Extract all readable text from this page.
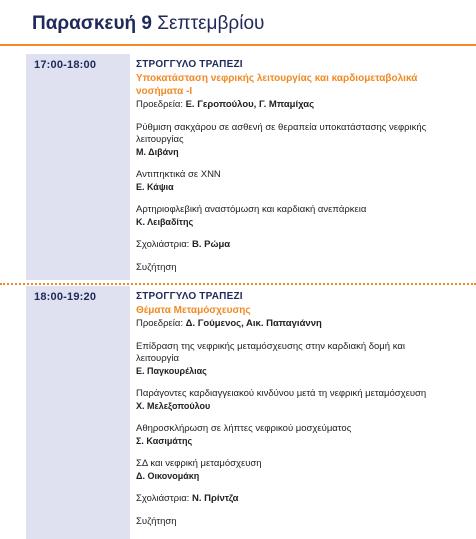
Παρασκευή 9 Σεπτεμβρίου
17:00-18:00	ΣΤΡΟΓΓΥΛΟ ΤΡΑΠΕΖΙ
Υποκατάσταση νεφρικής λειτουργίας και καρδιομεταβολικά νοσήματα -Ι
Προεδρεία: Ε. Γεροπούλου, Γ. Μπαμίχας
Ρύθμιση σακχάρου σε ασθενή σε θεραπεία υποκατάστασης νεφρικής λειτουργίας
Μ. Διβάνη
Αντιπηκτικά σε ΧΝΝ
Ε. Κάψια
Αρτηριοφλεβική αναστόμωση και καρδιακή ανεπάρκεια
Κ. Λειβαδίτης
Σχολιάστρια: Β. Ρώμα
Συζήτηση
18:00-19:20	ΣΤΡΟΓΓΥΛΟ ΤΡΑΠΕΖΙ
Θέματα Μεταμόσχευσης
Προεδρεία: Δ. Γούμενος, Αικ. Παπαγιάννη
Επίδραση της νεφρικής μεταμόσχευσης στην καρδιακή δομή και λειτουργία
Ε. Παγκουρέλιας
Παράγοντες καρδιαγγειακού κινδύνου μετά τη νεφρική μεταμόσχευση
Χ. Μελεξοπούλου
Αθηροσκλήρωση σε λήπτες νεφρικού μοσχεύματος
Σ. Κασιμάτης
ΣΔ και νεφρική μεταμόσχευση
Δ. Οικονομάκη
Σχολιάστρια: Ν. Πρίντζα
Συζήτηση
